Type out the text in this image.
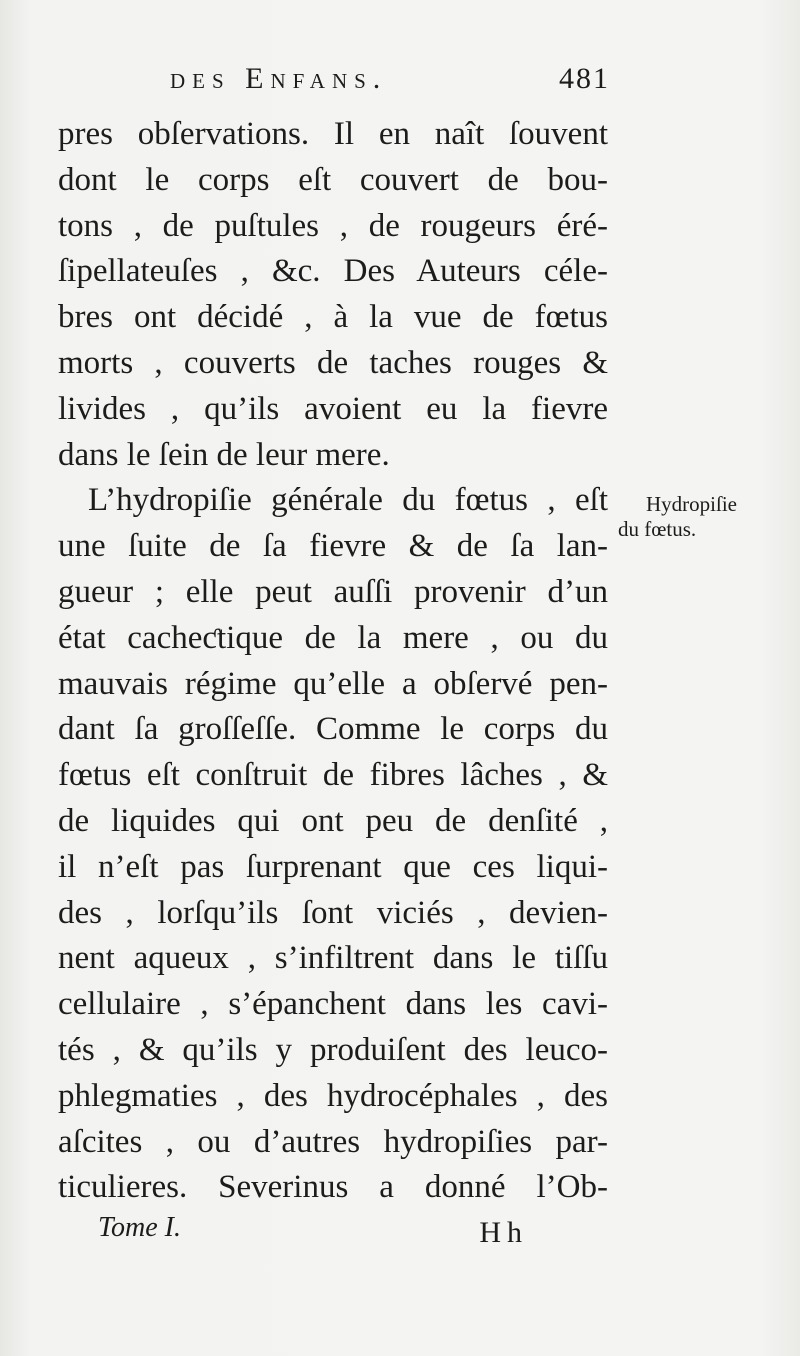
des Enfans.	481
pres obſervations. Il en naît ſouvent
dont le corps eſt couvert de bou-
tons , de puſtules , de rougeurs éré-
ſipellateuſes , &c. Des Auteurs céle-
bres ont décidé , à la vue de fœtus
morts , couverts de taches rouges &
livides , qu’ils avoient eu la fievre
dans le ſein de leur mere.
L’hydropiſie générale du fœtus , eſt
une ſuite de ſa fievre & de ſa lan-
gueur ; elle peut auſſi provenir d’un
état cacheƈtique de la mere , ou du
mauvais régime qu’elle a obſervé pen-
dant ſa groſſeſſe. Comme le corps du
fœtus eſt conſtruit de fibres lâches , &
de liquides qui ont peu de denſité ,
il n’eſt pas ſurprenant que ces liqui-
des , lorſqu’ils ſont viciés , devien-
nent aqueux , s’infiltrent dans le tiſſu
cellulaire , s’épanchent dans les cavi-
tés , & qu’ils y produiſent des leuco-
phlegmaties , des hydrocéphales , des
aſcites , ou d’autres hydropiſies par-
ticulieres. Severinus a donné l’Ob-
Hydropiſie
du fœtus.
Tome I.	Hh
